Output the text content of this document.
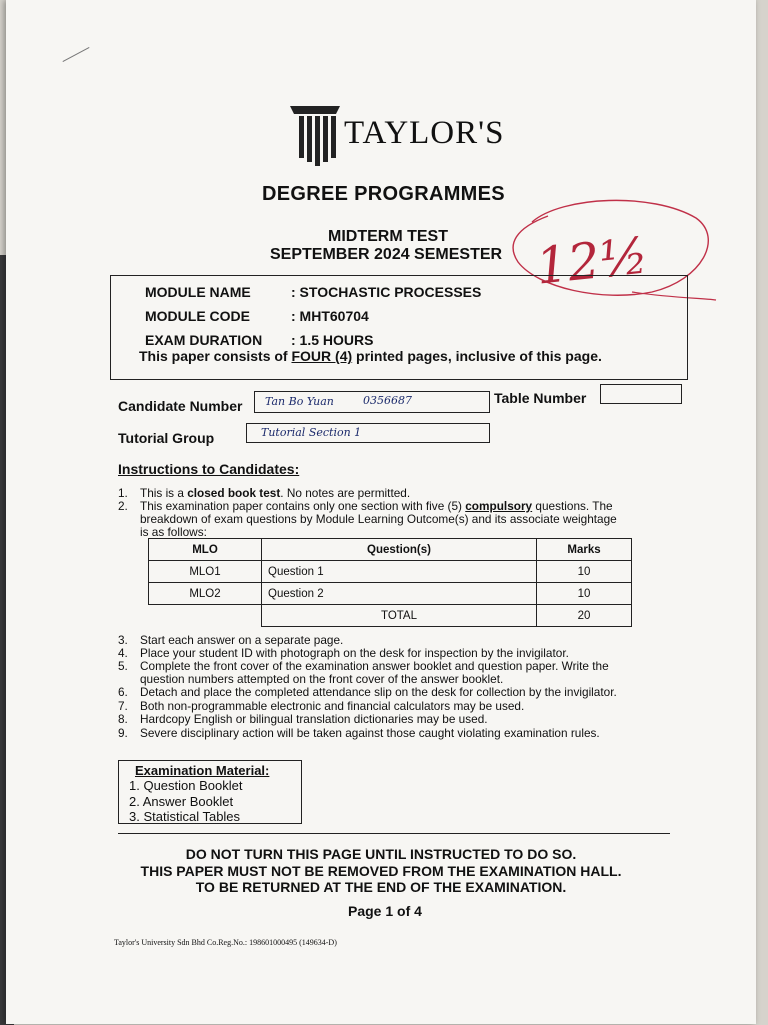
TAYLOR'S
DEGREE PROGRAMMES
MIDTERM TEST
SEPTEMBER 2024 SEMESTER 12½
MODULE NAME	: STOCHASTIC PROCESSES
MODULE CODE	: MHT60704
EXAM DURATION : 1.5 HOURS
This paper consists of FOUR (4) printed pages, inclusive of this page.
Candidate Number Tan Bo Yuan	0356687	Table Number
Tutorial Group	Tutorial Section 1
Instructions to Candidates:
1. This is a closed book test. No notes are permitted.
2. This examination paper contains only one section with five (5) compulsory questions. The
breakdown of exam questions by Module Learning Outcome(s) and its associate weightage
is as follows:
MLO	Question(s)	Marks
MLO1	Question 1	10
MLO2	Question 2	10
	TOTAL	20
3. Start each answer on a separate page.
4. Place your student ID with photograph on the desk for inspection by the invigilator.
5. Complete the front cover of the examination answer booklet and question paper. Write the
question numbers attempted on the front cover of the answer booklet.
6. Detach and place the completed attendance slip on the desk for collection by the invigilator.
7. Both non-programmable electronic and financial calculators may be used.
8. Hardcopy English or bilingual translation dictionaries may be used.
9. Severe disciplinary action will be taken against those caught violating examination rules.
Examination Material:
1. Question Booklet
2. Answer Booklet
3. Statistical Tables
DO NOT TURN THIS PAGE UNTIL INSTRUCTED TO DO SO.
THIS PAPER MUST NOT BE REMOVED FROM THE EXAMINATION HALL.
TO BE RETURNED AT THE END OF THE EXAMINATION.
Page 1 of 4
Taylor's University Sdn Bhd Co.Reg.No.: 198601000495 (149634-D)
